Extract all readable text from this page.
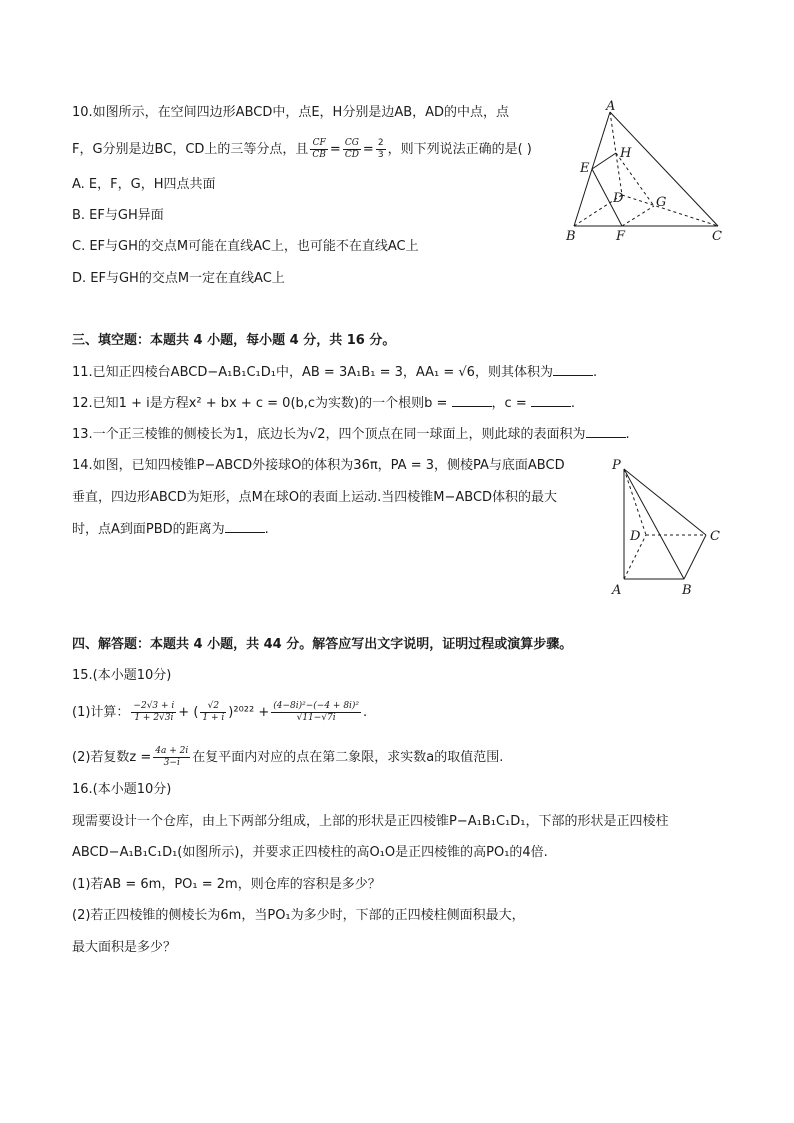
10.如图所示，在空间四边形ABCD中，点E，H分别是边AB，AD的中点，点
F，G分别是边BC，CD上的三等分点，且 $\frac{CF}{CB} = \frac{CG}{CD} = \frac{2}{3}$ ，则下列说法正确的是( )
A. E，F，G，H四点共面
B. EF与GH异面
C. EF与GH的交点M可能在直线AC上，也可能不在直线AC上
D. EF与GH的交点M一定在直线AC上
A
H
E
D	G
B	F	C
三、填空题：本题共 4 小题，每小题 4 分，共 16 分。
11.已知正四棱台ABCD−A₁B₁C₁D₁中，AB = 3A₁B₁ = 3，AA₁ = √6，则其体积为	.
12.已知1 + i是方程x² + bx + c = 0(b,c为实数)的一个根则b =	，c =	.
13.一个正三棱锥的侧棱长为1，底边长为√2，四个顶点在同一球面上，则此球的表面积为	.
14.如图，已知四棱锥P−ABCD外接球O的体积为36π，PA = 3，侧棱PA与底面ABCD
垂直，四边形ABCD为矩形，点M在球O的表面上运动.当四棱锥M−ABCD体积的最大
时，点A到面PBD的距离为	.
P
D	C
A	B
四、解答题：本题共 4 小题，共 44 分。解答应写出文字说明，证明过程或演算步骤。
15.(本小题10分)
(1)计算： $\frac{-2√3 + i}{1 + 2√3i}$ + ( $\frac{√2}{1 + i} )^{2022} + \frac{\text{(4−8i)²−(−4 + 8i)²}}{√11-√7i}$ .
(2)若复数$z = \frac{4a + 2i}{3-i}$ 在复平面内对应的点在第二象限，求实数a的取值范围.
16.(本小题10分)
现需要设计一个仓库，由上下两部分组成，上部的形状是正四棱锥P−A₁B₁C₁D₁，下部的形状是正四棱柱
ABCD−A₁B₁C₁D₁(如图所示)，并要求正四棱柱的高O₁O是正四棱锥的高PO₁的4倍.
(1)若AB = 6m，PO₁ = 2m，则仓库的容积是多少？
(2)若正四棱锥的侧棱长为6m，当PO₁为多少时，下部的正四棱柱侧面积最大，
最大面积是多少？
